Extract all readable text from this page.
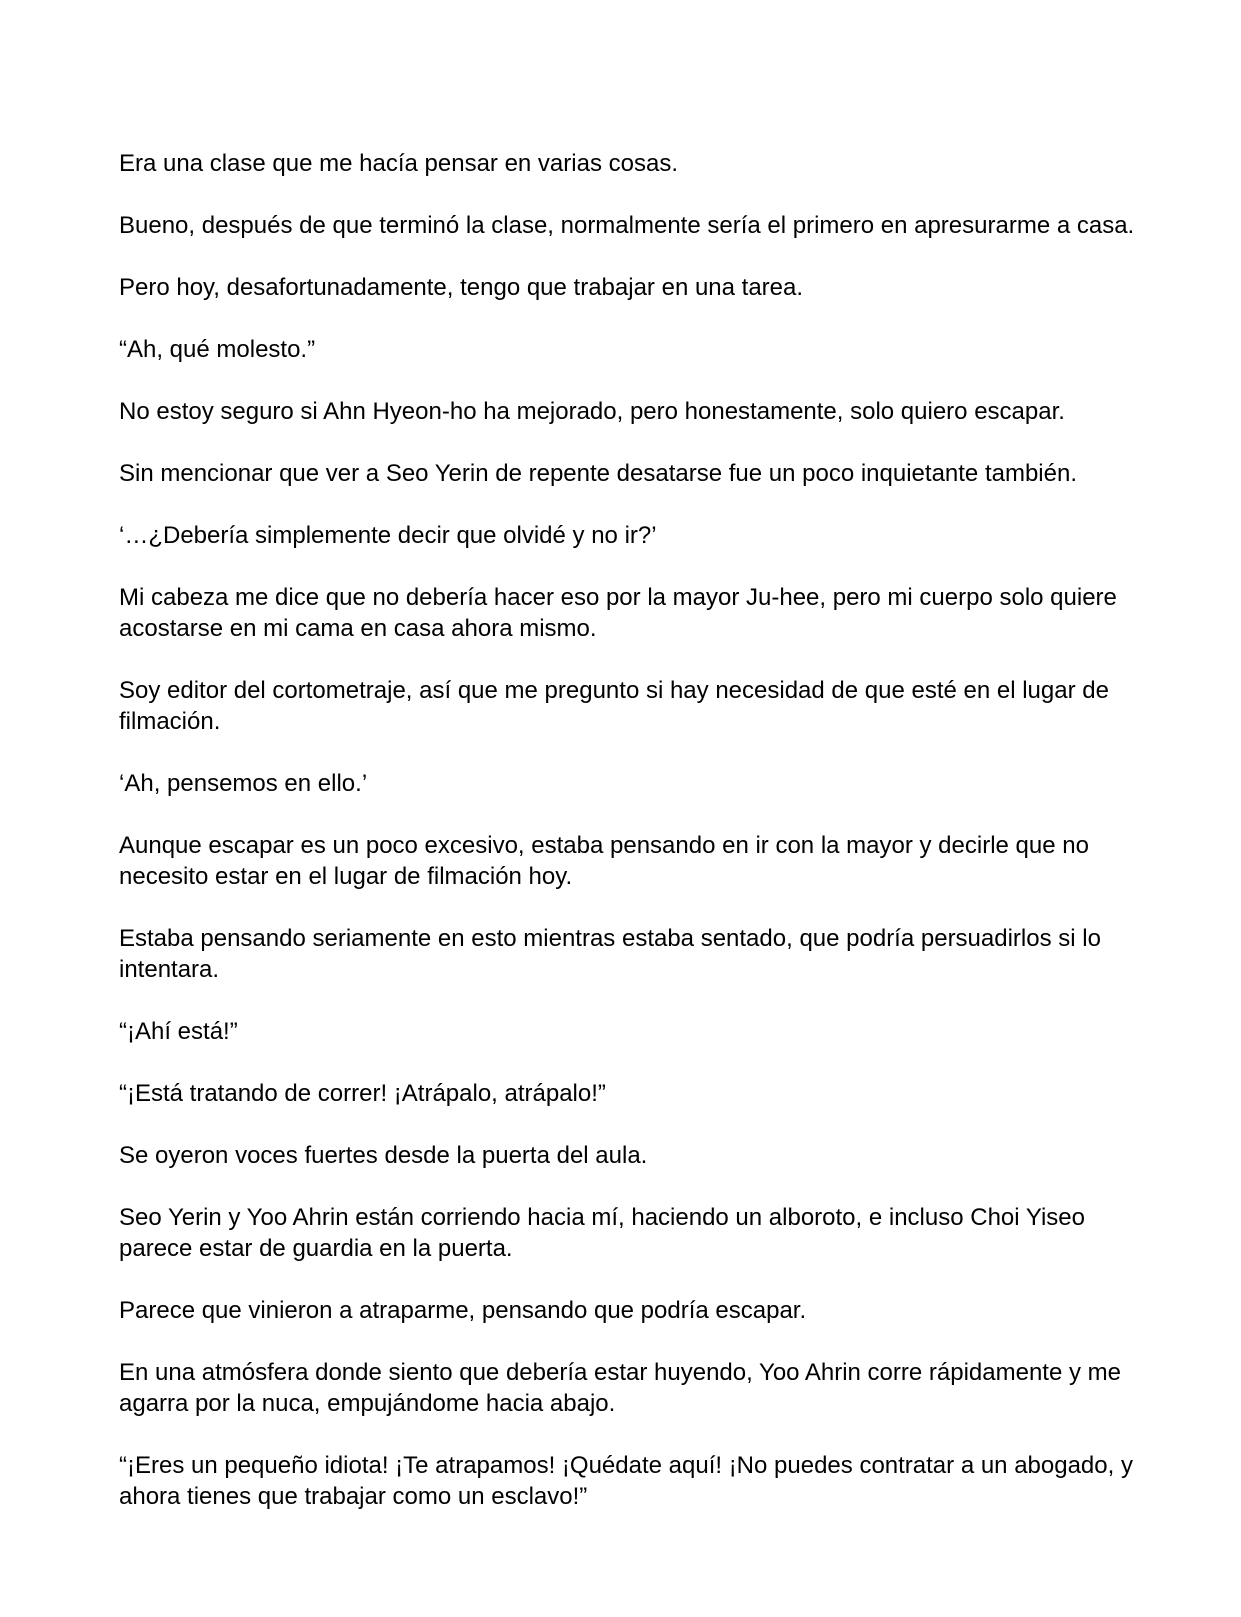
Era una clase que me hacía pensar en varias cosas.

Bueno, después de que terminó la clase, normalmente sería el primero en apresurarme a casa.

Pero hoy, desafortunadamente, tengo que trabajar en una tarea.

“Ah, qué molesto.”

No estoy seguro si Ahn Hyeon-ho ha mejorado, pero honestamente, solo quiero escapar.

Sin mencionar que ver a Seo Yerin de repente desatarse fue un poco inquietante también.

‘…¿Debería simplemente decir que olvidé y no ir?’

Mi cabeza me dice que no debería hacer eso por la mayor Ju-hee, pero mi cuerpo solo quiere acostarse en mi cama en casa ahora mismo.

Soy editor del cortometraje, así que me pregunto si hay necesidad de que esté en el lugar de filmación.

‘Ah, pensemos en ello.’

Aunque escapar es un poco excesivo, estaba pensando en ir con la mayor y decirle que no necesito estar en el lugar de filmación hoy.

Estaba pensando seriamente en esto mientras estaba sentado, que podría persuadirlos si lo intentara.

“¡Ahí está!”

“¡Está tratando de correr! ¡Atrápalo, atrápalo!”

Se oyeron voces fuertes desde la puerta del aula.

Seo Yerin y Yoo Ahrin están corriendo hacia mí, haciendo un alboroto, e incluso Choi Yiseo parece estar de guardia en la puerta.

Parece que vinieron a atraparme, pensando que podría escapar.

En una atmósfera donde siento que debería estar huyendo, Yoo Ahrin corre rápidamente y me agarra por la nuca, empujándome hacia abajo.

“¡Eres un pequeño idiota! ¡Te atrapamos! ¡Quédate aquí! ¡No puedes contratar a un abogado, y ahora tienes que trabajar como un esclavo!”
